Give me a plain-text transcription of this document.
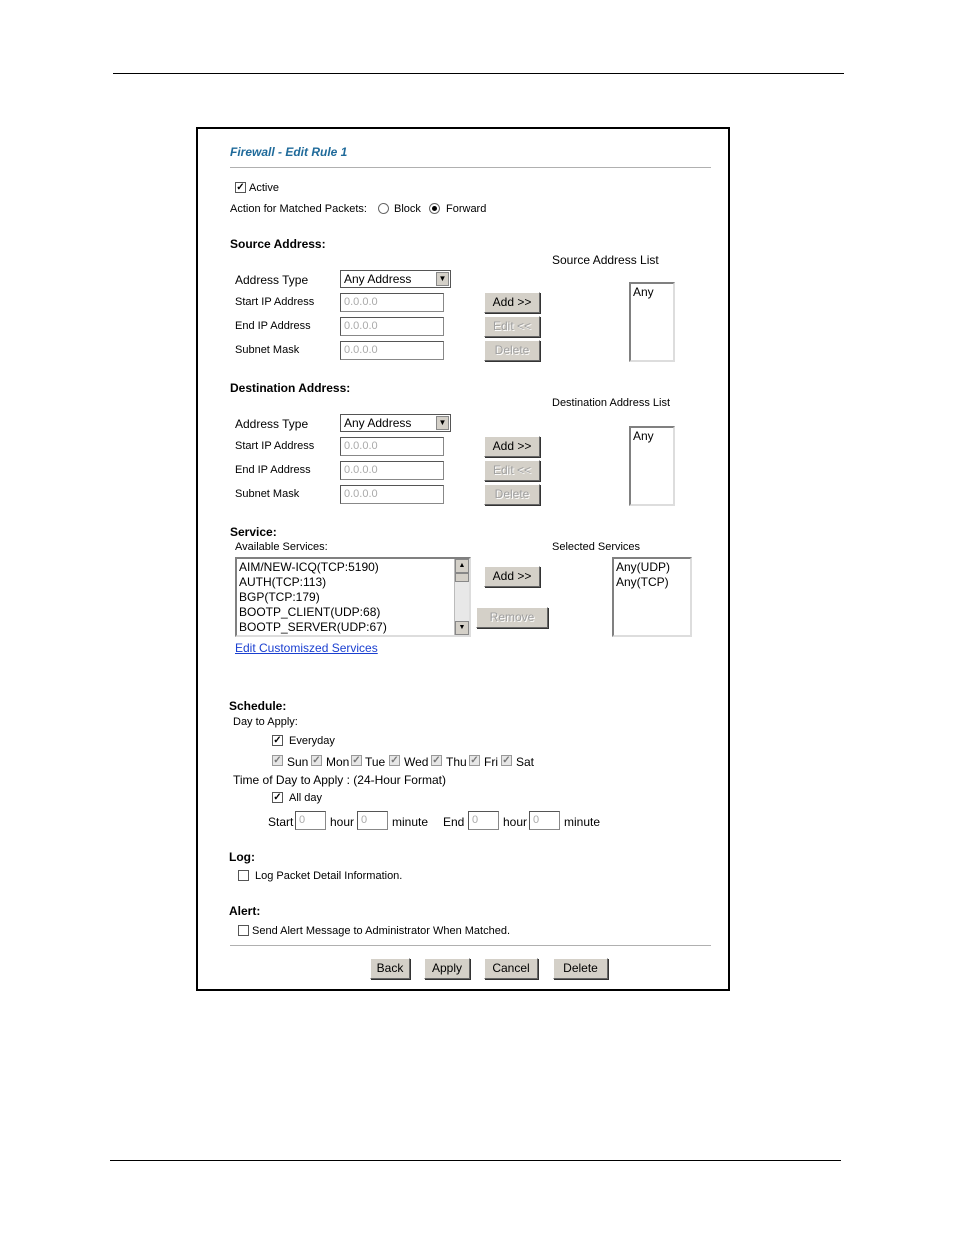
Firewall - Edit Rule 1
✓ Active
Action for Matched Packets: Block Forward
Source Address:
Source Address List
Address Type	Any Address	▼
Start IP Address	0.0.0.0	Add >>
End IP Address	0.0.0.0	Edit <<
Subnet Mask	0.0.0.0	Delete
Any
Destination Address:
Destination Address List
Address Type	Any Address	▼
Start IP Address	0.0.0.0	Add >>
End IP Address	0.0.0.0	Edit <<
Subnet Mask	0.0.0.0	Delete
Any
Service:
Available Services:	Selected Services
AIM/NEW-ICQ(TCP:5190)
AUTH(TCP:113)
BGP(TCP:179)
BOOTP_CLIENT(UDP:68)
BOOTP_SERVER(UDP:67)
▲
▼
Add >>
Remove
Any(UDP)
Any(TCP)
Edit Customiszed Services
Schedule:
Day to Apply:
✓ Everyday
✓ Sun ✓ Mon ✓ Tue ✓ Wed ✓ Thu ✓ Fri ✓ Sat
Time of Day to Apply : (24-Hour Format)
✓ All day
Start 0	hour 0	minute End 0	hour 0	minute
Log:
Log Packet Detail Information.
Alert:
Send Alert Message to Administrator When Matched.
Back	Apply	Cancel	Delete
